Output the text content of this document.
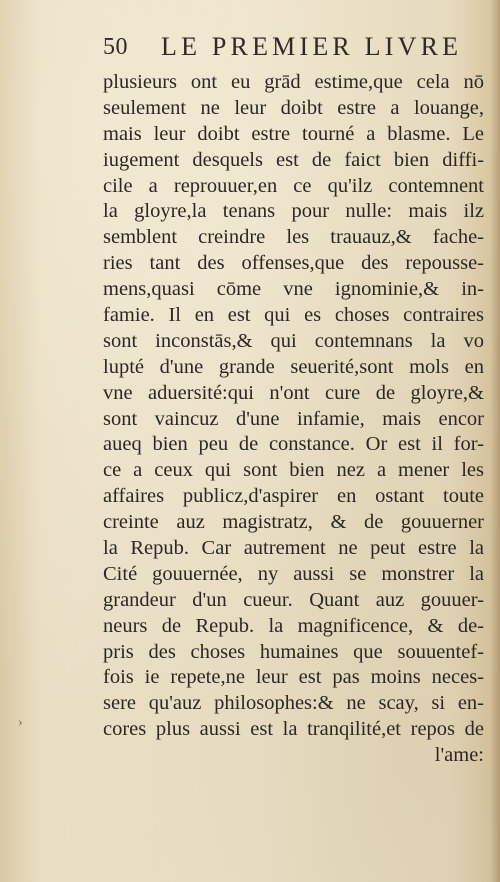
50 LE PREMIER LIVRE
›
plusieurs ont eu grād estime,que cela nō
seulement ne leur doibt estre a louange,
mais leur doibt estre tourné a blasme. Le
iugement desquels est de faict bien diffi-
cile a reprouuer,en ce qu'ilz contemnent
la gloyre,la tenans pour nulle: mais ilz
semblent creindre les trauauz,& fache-
ries tant des offenses,que des repousse-
mens,quasi cōme vne ignominie,& in-
famie. Il en est qui es choses contraires
sont inconstās,& qui contemnans la vo
lupté d'une grande seuerité,sont mols en
vne aduersité:qui n'ont cure de gloyre,&
sont vaincuz d'une infamie, mais encor
aueq bien peu de constance. Or est il for-
ce a ceux qui sont bien nez a mener les
affaires publicz,d'aspirer en ostant toute
creinte auz magistratz, & de gouuerner
la Repub. Car autrement ne peut estre la
Cité gouuernée, ny aussi se monstrer la
grandeur d'un cueur. Quant auz gouuer-
neurs de Repub. la magnificence, & de-
pris des choses humaines que souuentef-
fois ie repete,ne leur est pas moins neces-
sere qu'auz philosophes:& ne scay, si en-
cores plus aussi est la tranqilité,et repos de
l'ame:
